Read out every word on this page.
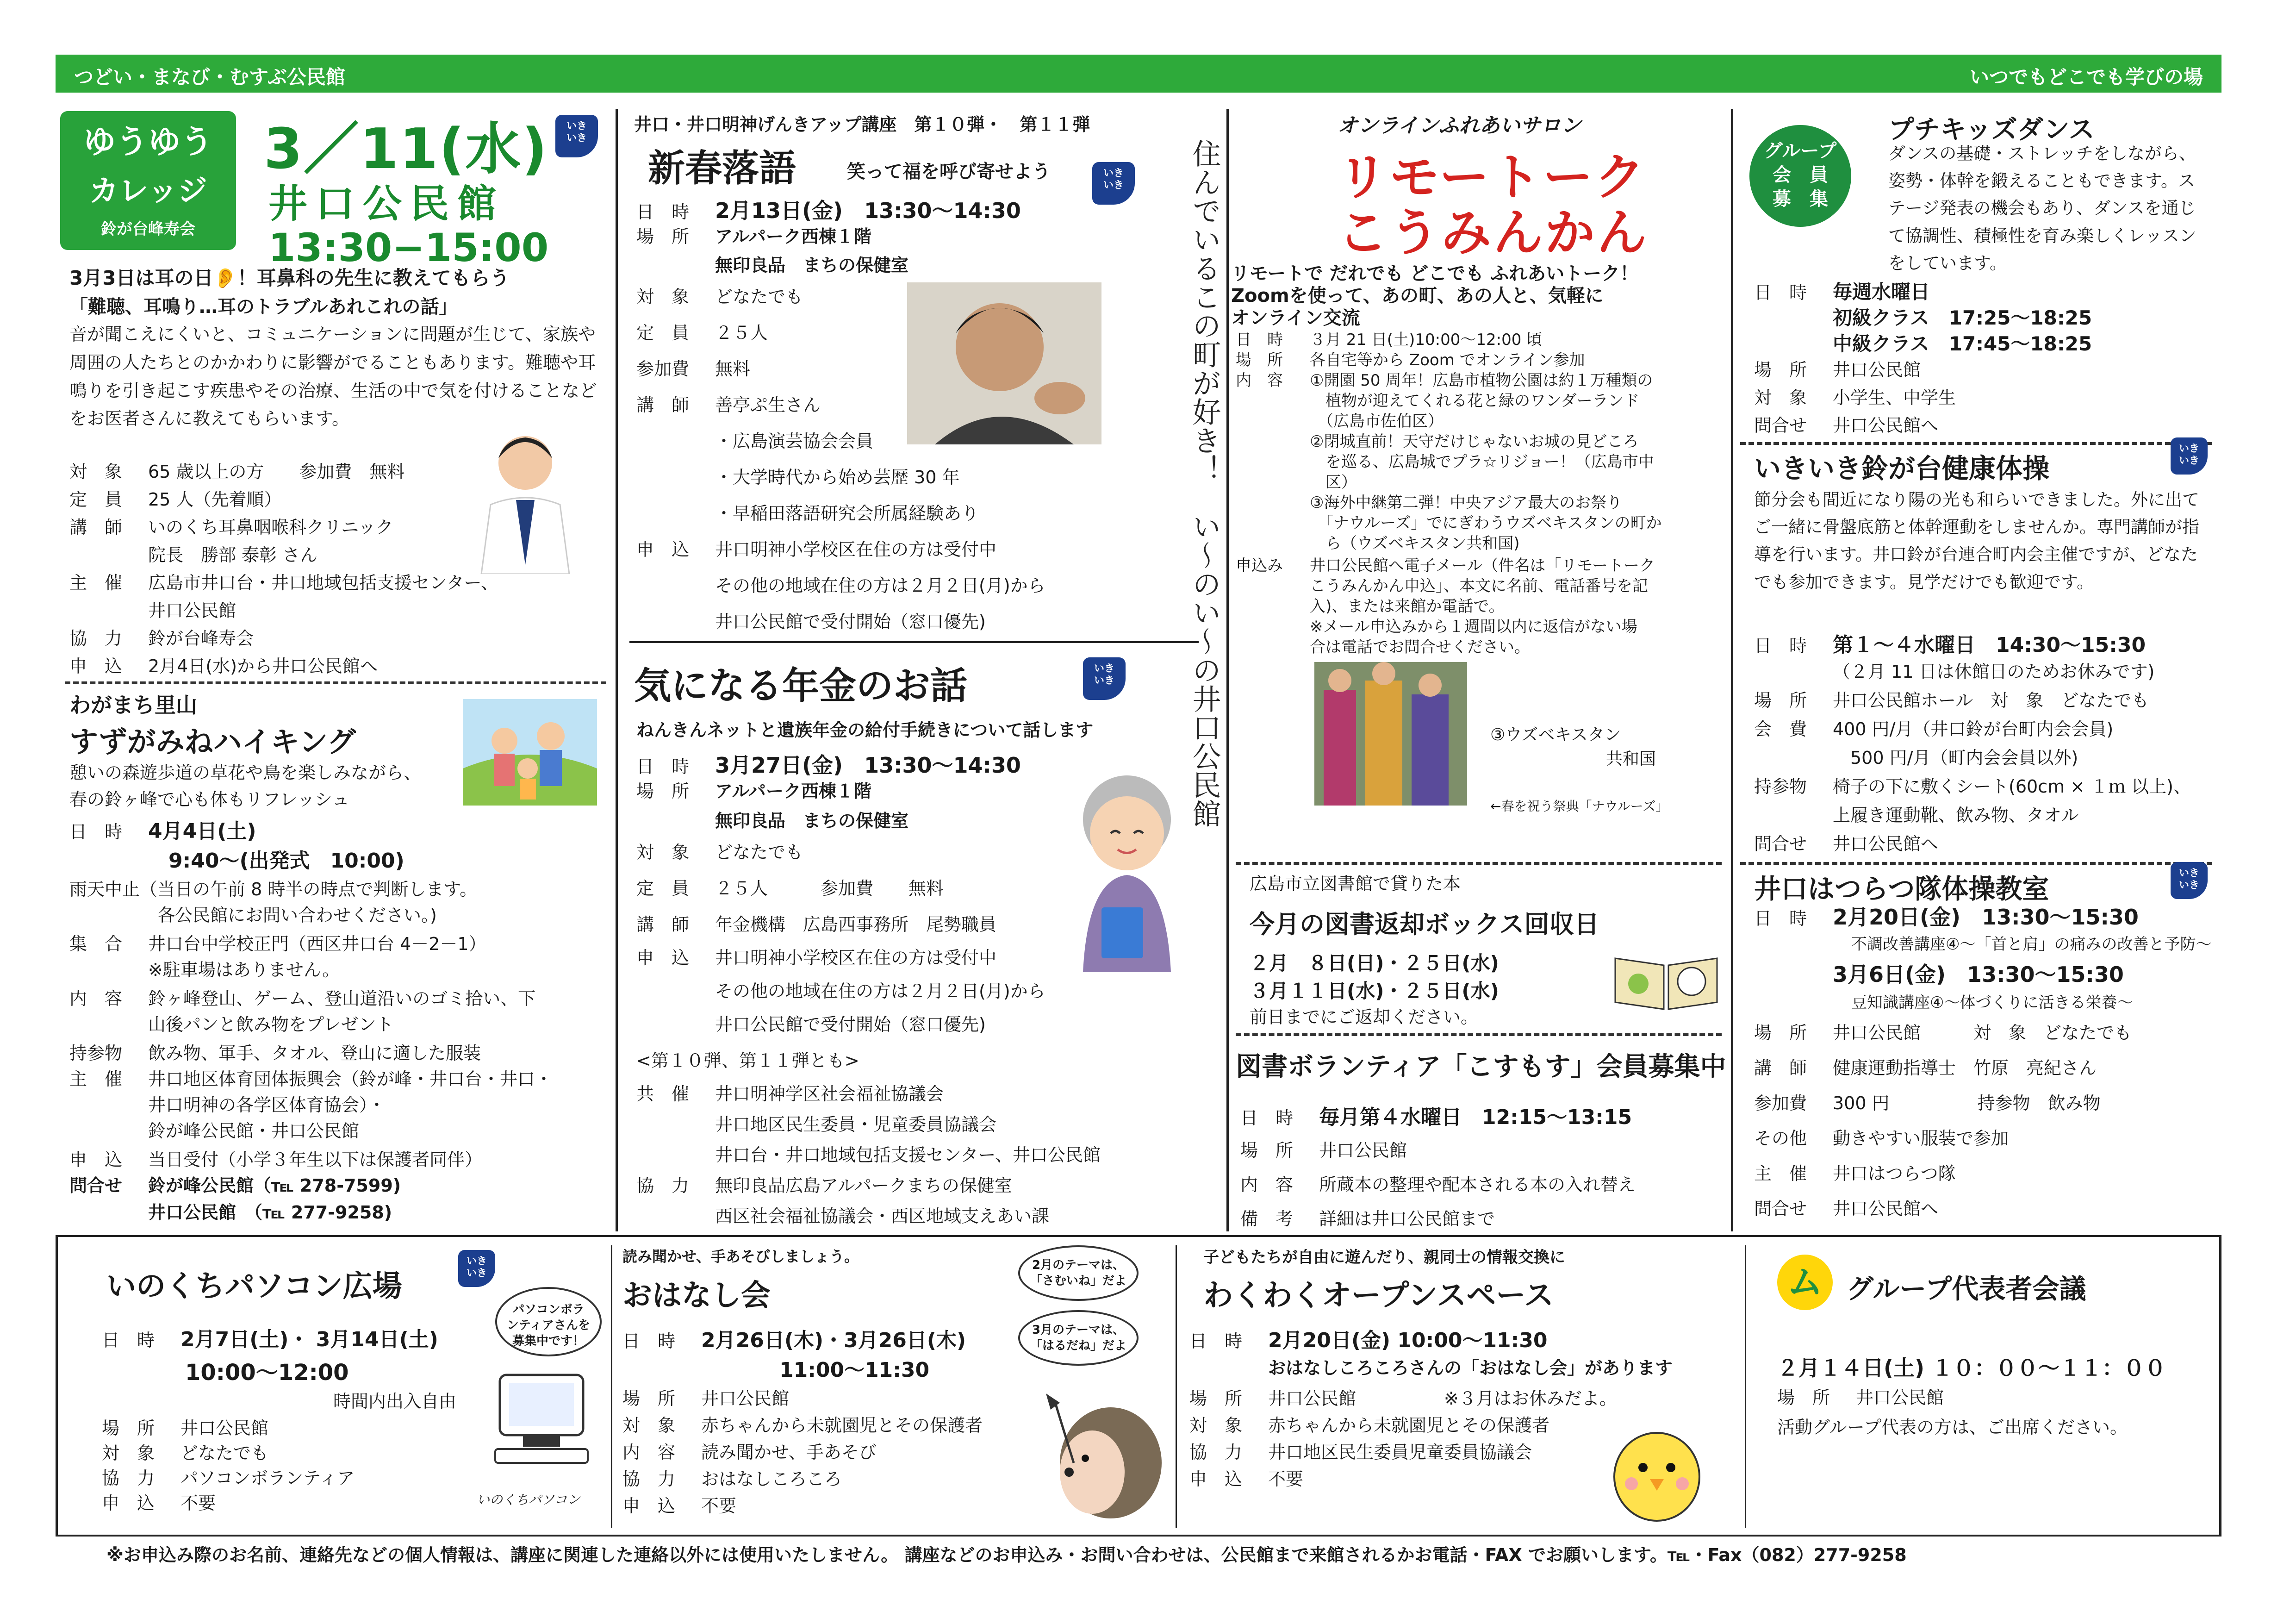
つどい・まなび・むすぶ公民館	いつでもどこでも学びの場
ゆうゆう
カレッジ
鈴が台峰寿会
3／11(水)
井口公民館
13:30−15:00
いき
いき
3月3日は耳の日👂！耳鼻科の先生に教えてもらう
「難聴、耳鳴り…耳のトラブルあれこれの話」
音が聞こえにくいと、コミュニケーションに問題が生じて、家族や周囲の人たちとのかかわりに影響がでることもあります。難聴や耳鳴りを引き起こす疾患やその治療、生活の中で気を付けることなどをお医者さんに教えてもらいます。
対　象 65 歳以上の方　　参加費　無料
定　員 25 人（先着順）
講　師 いのくち耳鼻咽喉科クリニック
院長　勝部 泰彰 さん
主　催 広島市井口台・井口地域包括支援センター、
井口公民館
協　力 鈴が台峰寿会
申　込 2月4日(水)から井口公民館へ
わがまち里山
すずがみねハイキング
憩いの森遊歩道の草花や鳥を楽しみながら、
春の鈴ヶ峰で心も体もリフレッシュ
日　時 4月4日(土)
　9:40〜(出発式　10:00)
雨天中止（当日の午前 8 時半の時点で判断します。
　　　　　各公民館にお問い合わせください。)
集　合 井口台中学校正門（西区井口台 4－2－1）
※駐車場はありません。
内　容 鈴ヶ峰登山、ゲーム、登山道沿いのゴミ拾い、下
山後パンと飲み物をプレゼント
持参物 飲み物、軍手、タオル、登山に適した服装
主　催 井口地区体育団体振興会（鈴が峰・井口台・井口・
井口明神の各学区体育協会）・
鈴が峰公民館・井口公民館
申　込 当日受付（小学３年生以下は保護者同伴）
問合せ 鈴が峰公民館（℡ 278-7599)
井口公民館　（℡ 277-9258)
井口・井口明神げんきアップ講座　第１０弾・　第１１弾
新春落語	笑って福を呼び寄せよう	いき
いき
日　時 2月13日(金)　13:30〜14:30
場　所 アルパーク西棟１階
無印良品　まちの保健室
対　象 どなたでも
定　員 ２５人
参加費 無料
講　師 善亭ぷ生さん
・広島演芸協会会員
・大学時代から始め芸歴 30 年
・早稲田落語研究会所属経験あり
申　込 井口明神小学校区在住の方は受付中
その他の地域在住の方は２月２日(月)から
井口公民館で受付開始（窓口優先)
気になる年金のお話	いき
いき
ねんきんネットと遺族年金の給付手続きについて話します
日　時 3月27日(金)　13:30〜14:30
場　所 アルパーク西棟１階
無印良品　まちの保健室
対　象 どなたでも
定　員 ２５人　　　参加費　　無料
講　師 年金機構　広島西事務所　尾勢職員
申　込 井口明神小学校区在住の方は受付中
その他の地域在住の方は２月２日(月)から
井口公民館で受付開始（窓口優先)
<第１０弾、第１１弾とも>
共　催 井口明神学区社会福祉協議会
井口地区民生委員・児童委員協議会
井口台・井口地域包括支援センター、井口公民館
協　力 無印良品広島アルパークまちの保健室
西区社会福祉協議会・西区地域支えあい課
住んでいるこの町が好き！　い〜のい〜の井口公民館
オンラインふれあいサロン
リモートーク
こうみんかん
リモートで だれでも どこでも ふれあいトーク！
Zoomを使って、あの町、あの人と、気軽に
オンライン交流
日　時 ３月 21 日(土)10:00〜12:00 頃
場　所 各自宅等から Zoom でオンライン参加
内　容 ①開園 50 周年！広島市植物公園は約１万種類の
　植物が迎えてくれる花と緑のワンダーランド
　（広島市佐伯区）
②閉城直前！天守だけじゃないお城の見どころ
　を巡る、広島城でプラ☆リジョー！（広島市中
　区）
③海外中継第二弾！中央アジア最大のお祭り
　「ナウルーズ」でにぎわうウズベキスタンの町か
　ら（ウズベキスタン共和国)
申込み 井口公民館へ電子メール（件名は「リモートーク
こうみんかん申込」、本文に名前、電話番号を記
入)、または来館か電話で。
※メール申込みから１週間以内に返信がない場
合は電話でお問合せください。
③ウズベキスタン
共和国
←春を祝う祭典「ナウルーズ」
広島市立図書館で貸りた本
今月の図書返却ボックス回収日
２月　８日(日)・２５日(水)
３月１１日(水)・２５日(水)
前日までにご返却ください。
図書ボランティア「こすもす」会員募集中
日　時 毎月第４水曜日　12:15〜13:15
場　所 井口公民館
内　容 所蔵本の整理や配本される本の入れ替え
備　考 詳細は井口公民館まで
グループ
会　員
募　集
プチキッズダンス
ダンスの基礎・ストレッチをしながら、姿勢・体幹を鍛えることもできます。ステージ発表の機会もあり、ダンスを通じて協調性、積極性を育み楽しくレッスンをしています。
日　時 毎週水曜日
初級クラス　17:25〜18:25
中級クラス　17:45〜18:25
場　所 井口公民館
対　象 小学生、中学生
問合せ 井口公民館へ
いきいき鈴が台健康体操
いき
いき
節分会も間近になり陽の光も和らいできました。外に出てご一緒に骨盤底筋と体幹運動をしませんか。専門講師が指導を行います。井口鈴が台連合町内会主催ですが、どなたでも参加できます。見学だけでも歓迎です。
日　時 第１〜４水曜日　14:30〜15:30
（２月 11 日は休館日のためお休みです)
場　所 井口公民館ホール　対　象　どなたでも
会　費 400 円/月（井口鈴が台町内会会員)
　500 円/月（町内会会員以外)
持参物 椅子の下に敷くシート(60cm × １ｍ 以上)、
上履き運動靴、飲み物、タオル
問合せ 井口公民館へ
井口はつらつ隊体操教室	いき
いき
日　時 2月20日(金)　13:30〜15:30
不調改善講座④〜「首と肩」の痛みの改善と予防〜
3月6日(金)　13:30〜15:30
豆知識講座④〜体づくりに活きる栄養〜
場　所 井口公民館　　　対　象　どなたでも
講　師 健康運動指導士　竹原　亮紀さん
参加費 300 円　　　　　持参物　飲み物
その他 動きやすい服装で参加
主　催 井口はつらつ隊
問合せ 井口公民館へ
いのくちパソコン広場
いき
いき
パソコンボラ
ンティアさんを
募集中です！
いのくちパソコン
日　時 2月7日(土)・ 3月14日(土)
10:00〜12:00
時間内出入自由
場　所 井口公民館
対　象 どなたでも
協　力 パソコンボランティア
申　込 不要
読み聞かせ、手あそびしましょう。
おはなし会
2月のテーマは、
「さむいね」だよ
3月のテーマは、
「はるだね」だよ
日　時 2月26日(木)・3月26日(木)
　11:00〜11:30
場　所 井口公民館
対　象 赤ちゃんから未就園児とその保護者
内　容 読み聞かせ、手あそび
協　力 おはなしころころ
申　込 不要
子どもたちが自由に遊んだり、親同士の情報交換に
わくわくオープンスペース
日　時 2月20日(金) 10:00〜11:30
おはなしころころさんの「おはなし会」があります
場　所 井口公民館　　　　　※３月はお休みだよ。
対　象 赤ちゃんから未就園児とその保護者
協　力 井口地区民生委員児童委員協議会
申　込 不要
ム グループ代表者会議
２月１４日(土) １０：００〜１１：００
場　所 井口公民館
活動グループ代表の方は、ご出席ください。
※お申込み際のお名前、連絡先などの個人情報は、講座に関連した連絡以外には使用いたしません。 講座などのお申込み・お問い合わせは、公民館まで来館されるかお電話・FAX でお願いします。℡・Fax（082）277-9258
